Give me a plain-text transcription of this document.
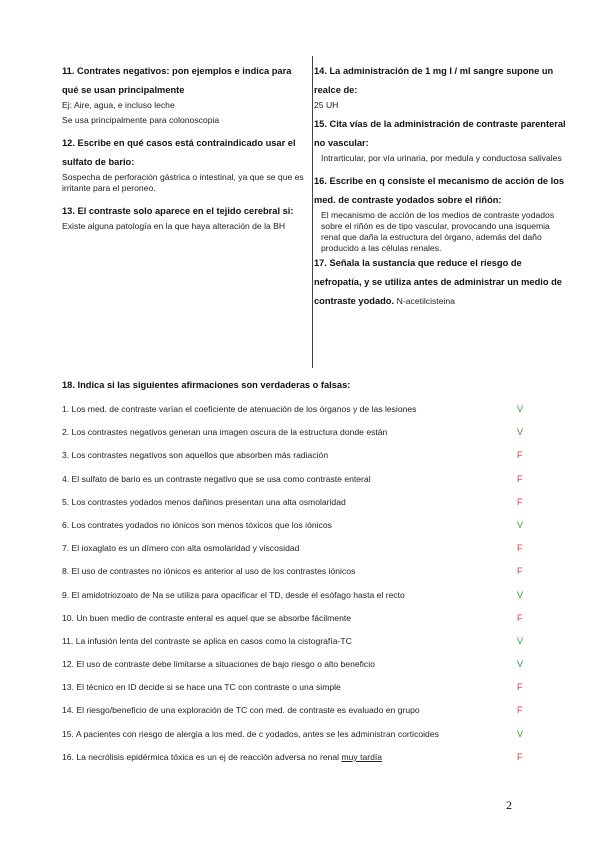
11. Contrates negativos: pon ejemplos e indica para qué se usan principalmente

Ej: Aire, agua, e incluso leche

Se usa principalmente para colonoscopia

12. Escribe en qué casos está contraindicado usar el sulfato de bario:

Sospecha de perforación gástrica o intestinal, ya que se que es irritante para el peroneo.

13. El contraste solo aparece en el tejido cerebral si:

Existe alguna patología en la que haya alteración de la BH

14. La administración de 1 mg I / ml sangre supone un realce de:

25 UH

15. Cita vías de la administración de contraste parenteral no vascular:

Intrarticular, por vía urinaria, por medula y conductosa salivales

16. Escribe en q consiste el mecanismo de acción de los med. de contraste yodados sobre el riñón:

El mecanismo de acción de los medios de contraste yodados sobre el riñón es de tipo vascular, provocando una isquemia renal que daña la estructura del órgano, además del daño producido a las células renales.

17. Señala la sustancia que reduce el riesgo de nefropatía, y se utiliza antes de administrar un medio de contraste yodado. N-acetilcisteina

18. Indica si las siguientes afirmaciones son verdaderas o falsas:
1. Los med. de contraste varían el coeficiente de atenuación de los órganos y de las lesiones	V
2. Los contrastes negativos generan una imagen oscura de la estructura donde están	V
3. Los contrastes negativos son aquellos que absorben más radiación	F
4. El sulfato de bario es un contraste negativo que se usa como contraste enteral	F
5. Los contrastes yodados menos dañinos presentan una alta osmolaridad	F
6. Los contrates yodados no iónicos son menos tóxicos que los iónicos	V
7. El ioxaglato es un dímero con alta osmolaridad y viscosidad	F
8. El uso de contrastes no iónicos es anterior al uso de los contrastes iónicos	F
9. El amidotriozoato de Na se utiliza para opacificar el TD, desde el esófago hasta el recto	V
10. Un buen medio de contraste enteral es aquel que se absorbe fácilmente	F
11. La infusión lenta del contraste se aplica en casos como la cistografía-TC	V
12. El uso de contraste debe limitarse a situaciones de bajo riesgo o alto beneficio	V
13. El técnico en ID decide si se hace una TC con contraste o una simple	F
14. El riesgo/beneficio de una exploración de TC con med. de contraste es evaluado en grupo	F
15. A pacientes con riesgo de alergia a los med. de c yodados, antes se les administran corticoides	V
16. La necrólisis epidérmica tóxica es un ej de reacción adversa no renal muy tardía	F
2
